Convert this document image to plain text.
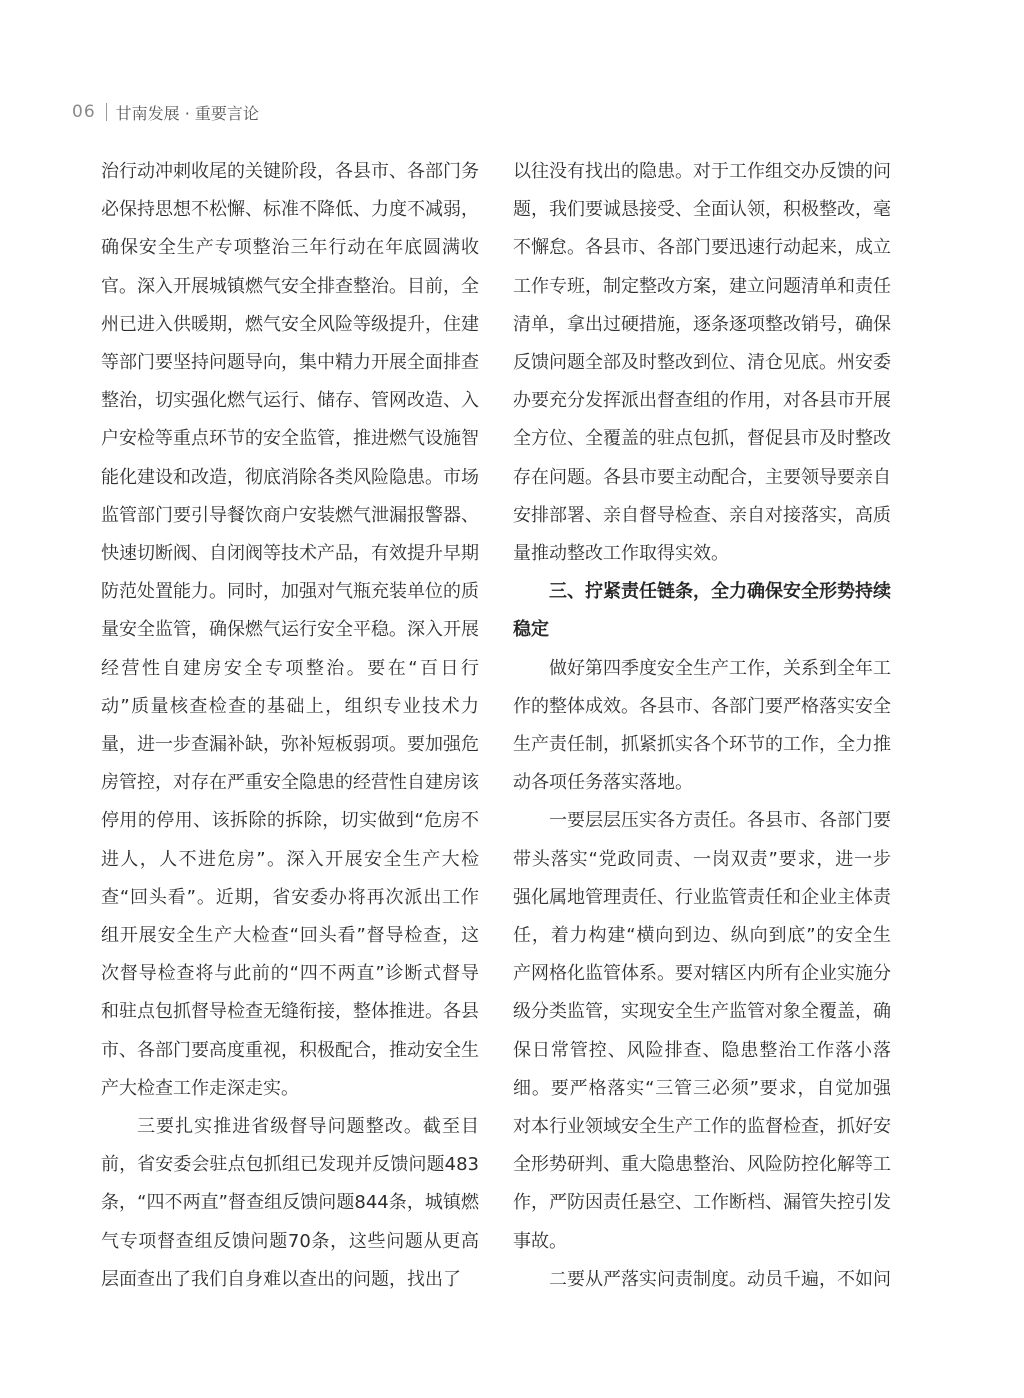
06 甘南发展 · 重要言论

治行动冲刺收尾的关键阶段，各县市、各部门务必保持思想不松懈、标准不降低、力度不减弱，确保安全生产专项整治三年行动在年底圆满收官。深入开展城镇燃气安全排查整治。目前，全州已进入供暖期，燃气安全风险等级提升，住建等部门要坚持问题导向，集中精力开展全面排查整治，切实强化燃气运行、储存、管网改造、入户安检等重点环节的安全监管，推进燃气设施智能化建设和改造，彻底消除各类风险隐患。市场监管部门要引导餐饮商户安装燃气泄漏报警器、快速切断阀、自闭阀等技术产品，有效提升早期防范处置能力。同时，加强对气瓶充装单位的质量安全监管，确保燃气运行安全平稳。深入开展经营性自建房安全专项整治。要在“百日行动”质量核查检查的基础上，组织专业技术力量，进一步查漏补缺，弥补短板弱项。要加强危房管控，对存在严重安全隐患的经营性自建房该停用的停用、该拆除的拆除，切实做到“危房不进人，人不进危房”。深入开展安全生产大检查“回头看”。近期，省安委办将再次派出工作组开展安全生产大检查“回头看”督导检查，这次督导检查将与此前的“四不两直”诊断式督导和驻点包抓督导检查无缝衔接，整体推进。各县市、各部门要高度重视，积极配合，推动安全生产大检查工作走深走实。

三要扎实推进省级督导问题整改。截至目前，省安委会驻点包抓组已发现并反馈问题483条，“四不两直”督查组反馈问题844条，城镇燃气专项督查组反馈问题70条，这些问题从更高层面查出了我们自身难以查出的问题，找出了

以往没有找出的隐患。对于工作组交办反馈的问题，我们要诚恳接受、全面认领，积极整改，毫不懈怠。各县市、各部门要迅速行动起来，成立工作专班，制定整改方案，建立问题清单和责任清单，拿出过硬措施，逐条逐项整改销号，确保反馈问题全部及时整改到位、清仓见底。州安委办要充分发挥派出督查组的作用，对各县市开展全方位、全覆盖的驻点包抓，督促县市及时整改存在问题。各县市要主动配合，主要领导要亲自安排部署、亲自督导检查、亲自对接落实，高质量推动整改工作取得实效。

三、拧紧责任链条，全力确保安全形势持续稳定

做好第四季度安全生产工作，关系到全年工作的整体成效。各县市、各部门要严格落实安全生产责任制，抓紧抓实各个环节的工作，全力推动各项任务落实落地。

一要层层压实各方责任。各县市、各部门要带头落实“党政同责、一岗双责”要求，进一步强化属地管理责任、行业监管责任和企业主体责任，着力构建“横向到边、纵向到底”的安全生产网格化监管体系。要对辖区内所有企业实施分级分类监管，实现安全生产监管对象全覆盖，确保日常管控、风险排查、隐患整治工作落小落细。要严格落实“三管三必须”要求，自觉加强对本行业领域安全生产工作的监督检查，抓好安全形势研判、重大隐患整治、风险防控化解等工作，严防因责任悬空、工作断档、漏管失控引发事故。

二要从严落实问责制度。动员千遍，不如问
